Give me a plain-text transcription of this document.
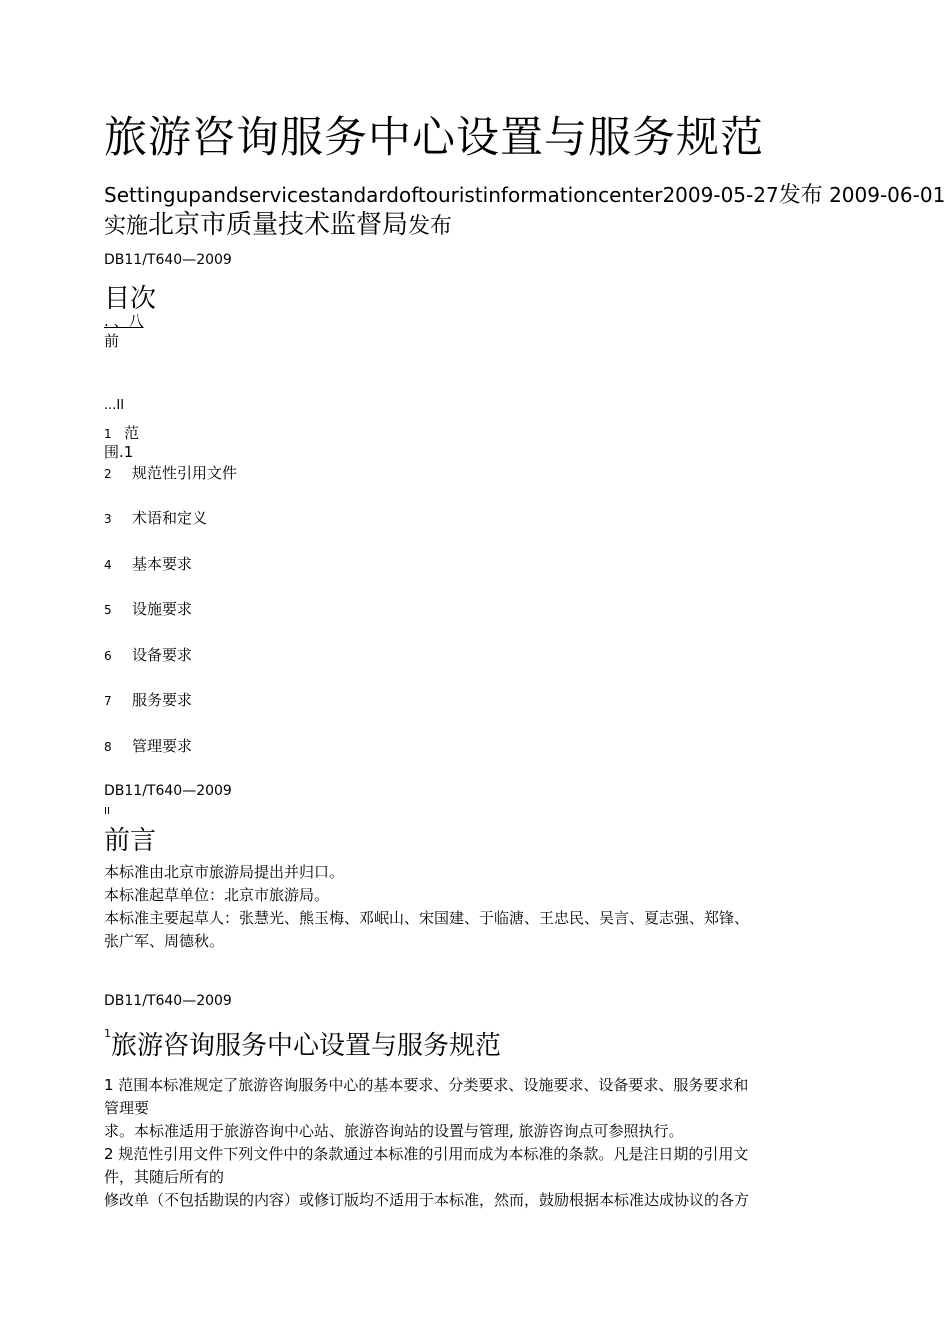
旅游咨询服务中心设置与服务规范
Settingupandservicestandardoftouristinformationcenter2009-05-27发布 2009-06-01
实施北京市质量技术监督局发布
DB11/T640—2009
目次
. 、八
前
...II
1 范
围.1
2 规范性引用文件
3 术语和定义
4 基本要求
5 设施要求
6 设备要求
7 服务要求
8 管理要求
DB11/T640—2009
II
前言
本标准由北京市旅游局提出并归口。
本标准起草单位：北京市旅游局。
本标准主要起草人：张慧光、熊玉梅、邓岷山、宋国建、于临溏、王忠民、吴言、夏志强、郑锋、
张广军、周德秋。
DB11/T640—2009
$^1$旅游咨询服务中心设置与服务规范
1 范围本标准规定了旅游咨询服务中心的基本要求、分类要求、设施要求、设备要求、服务要求和
管理要
求。本标准适用于旅游咨询中心站、旅游咨询站的设置与管理, 旅游咨询点可参照执行。
2 规范性引用文件下列文件中的条款通过本标准的引用而成为本标准的条款。凡是注日期的引用文
件，其随后所有的
修改单（不包括勘误的内容）或修订版均不适用于本标准，然而，鼓励根据本标准达成协议的各方
